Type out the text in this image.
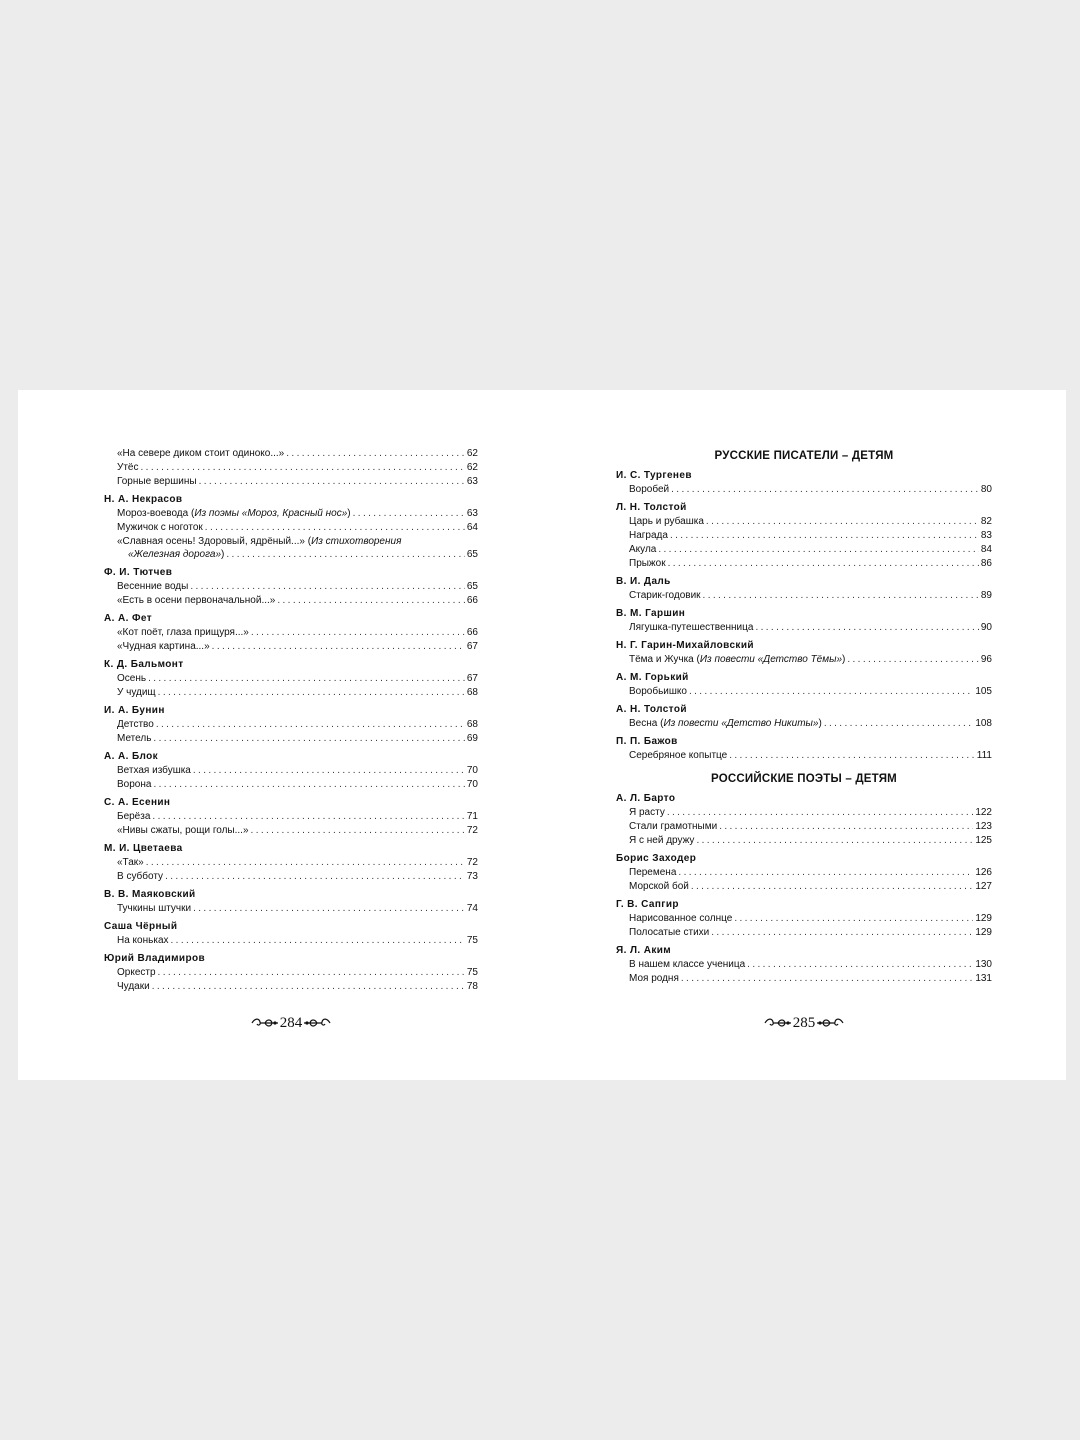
«На севере диком стоит одиноко...» . . .	62
Утёс . . .	62
Горные вершины . . .	63
Н. А. Некрасов
Мороз-воевода (Из поэмы «Мороз, Красный нос») . . .	63
Мужичок с ноготок . . .	64
«Славная осень! Здоровый, ядрёный...» (Из стихотворения
«Железная дорога») . . .	65
Ф. И. Тютчев
Весенние воды . . .	65
«Есть в осени первоначальной...» . . .	66
А. А. Фет
«Кот поёт, глаза прищуря...» . . .	66
«Чудная картина...» . . .	67
К. Д. Бальмонт
Осень . . .	67
У чудищ . . .	68
И. А. Бунин
Детство . . .	68
Метель . . .	69
А. А. Блок
Ветхая избушка . . .	70
Ворона . . .	70
С. А. Есенин
Берёза . . .	71
«Нивы сжаты, рощи голы...» . . .	72
М. И. Цветаева
«Так» . . .	72
В субботу . . .	73
В. В. Маяковский
Тучкины штучки . . .	74
Саша Чёрный
На коньках . . .	75
Юрий Владимиров
Оркестр . . .	75
Чудаки . . .	78
284
РУССКИЕ ПИСАТЕЛИ – ДЕТЯМ
И. С. Тургенев
Воробей . . .	80
Л. Н. Толстой
Царь и рубашка . . .	82
Награда . . .	83
Акула . . .	84
Прыжок . . .	86
В. И. Даль
Старик-годовик . . .	89
В. М. Гаршин
Лягушка-путешественница . . .	90
Н. Г. Гарин-Михайловский
Тёма и Жучка (Из повести «Детство Тёмы») . . .	96
А. М. Горький
Воробьишко . . .	105
А. Н. Толстой
Весна (Из повести «Детство Никиты») . . .	108
П. П. Бажов
Серебряное копытце . . .	111
РОССИЙСКИЕ ПОЭТЫ – ДЕТЯМ
А. Л. Барто
Я расту . . .	122
Стали грамотными . . .	123
Я с ней дружу . . .	125
Борис Заходер
Перемена . . .	126
Морской бой . . .	127
Г. В. Сапгир
Нарисованное солнце . . .	129
Полосатые стихи . . .	129
Я. Л. Аким
В нашем классе ученица . . .	130
Моя родня . . .	131
285
